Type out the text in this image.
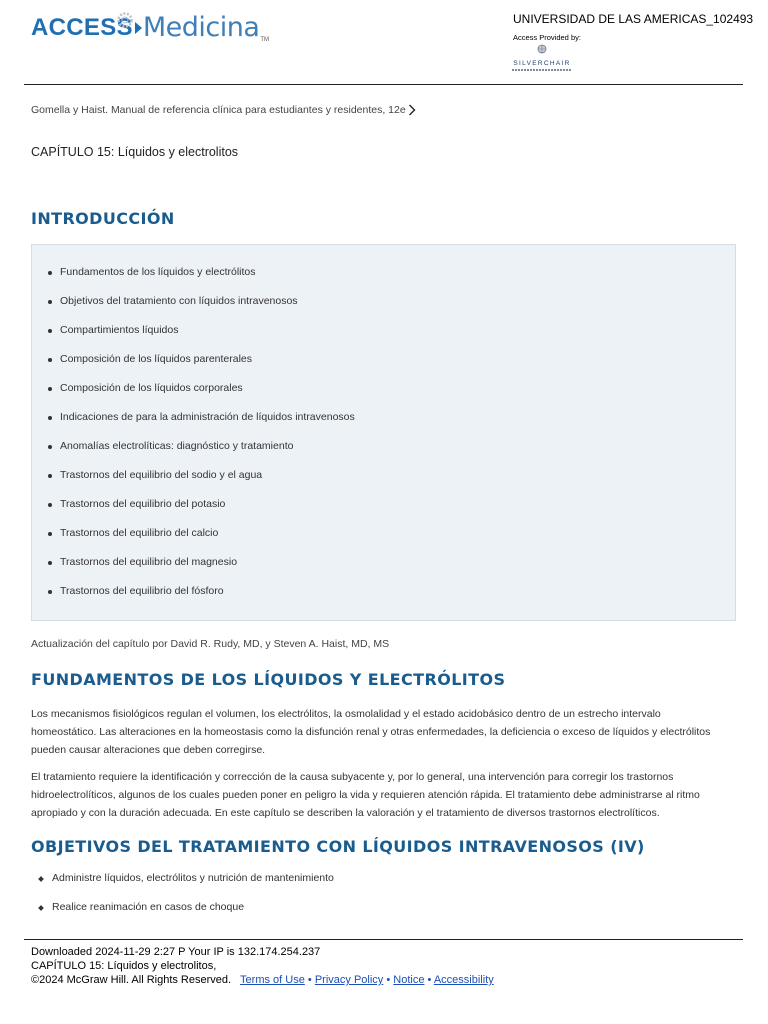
ACCESS Medicina TM
UNIVERSIDAD DE LAS AMERICAS_102493
Access Provided by:
SILVERCHAIR
Gomella y Haist. Manual de referencia clínica para estudiantes y residentes, 12e
CAPÍTULO 15: Líquidos y electrolitos
INTRODUCCIÓN
Fundamentos de los líquidos y electrólitos
Objetivos del tratamiento con líquidos intravenosos
Compartimientos líquidos
Composición de los líquidos parenterales
Composición de los líquidos corporales
Indicaciones de para la administración de líquidos intravenosos
Anomalías electrolíticas: diagnóstico y tratamiento
Trastornos del equilibrio del sodio y el agua
Trastornos del equilibrio del potasio
Trastornos del equilibrio del calcio
Trastornos del equilibrio del magnesio
Trastornos del equilibrio del fósforo
Actualización del capítulo por David R. Rudy, MD, y Steven A. Haist, MD, MS
FUNDAMENTOS DE LOS LÍQUIDOS Y ELECTRÓLITOS

Los mecanismos fisiológicos regulan el volumen, los electrólitos, la osmolalidad y el estado acidobásico dentro de un estrecho intervalo homeostático. Las alteraciones en la homeostasis como la disfunción renal y otras enfermedades, la deficiencia o exceso de líquidos y electrólitos pueden causar alteraciones que deben corregirse.

El tratamiento requiere la identificación y corrección de la causa subyacente y, por lo general, una intervención para corregir los trastornos hidroelectrolíticos, algunos de los cuales pueden poner en peligro la vida y requieren atención rápida. El tratamiento debe administrarse al ritmo apropiado y con la duración adecuada. En este capítulo se describen la valoración y el tratamiento de diversos trastornos electrolíticos.

OBJETIVOS DEL TRATAMIENTO CON LÍQUIDOS INTRAVENOSOS (IV)
Administre líquidos, electrólitos y nutrición de mantenimiento
Realice reanimación en casos de choque
Downloaded 2024-11-29 2:27 P Your IP is 132.174.254.237
CAPÍTULO 15: Líquidos y electrolitos,
©2024 McGraw Hill. All Rights Reserved. Terms of Use • Privacy Policy • Notice • Accessibility
